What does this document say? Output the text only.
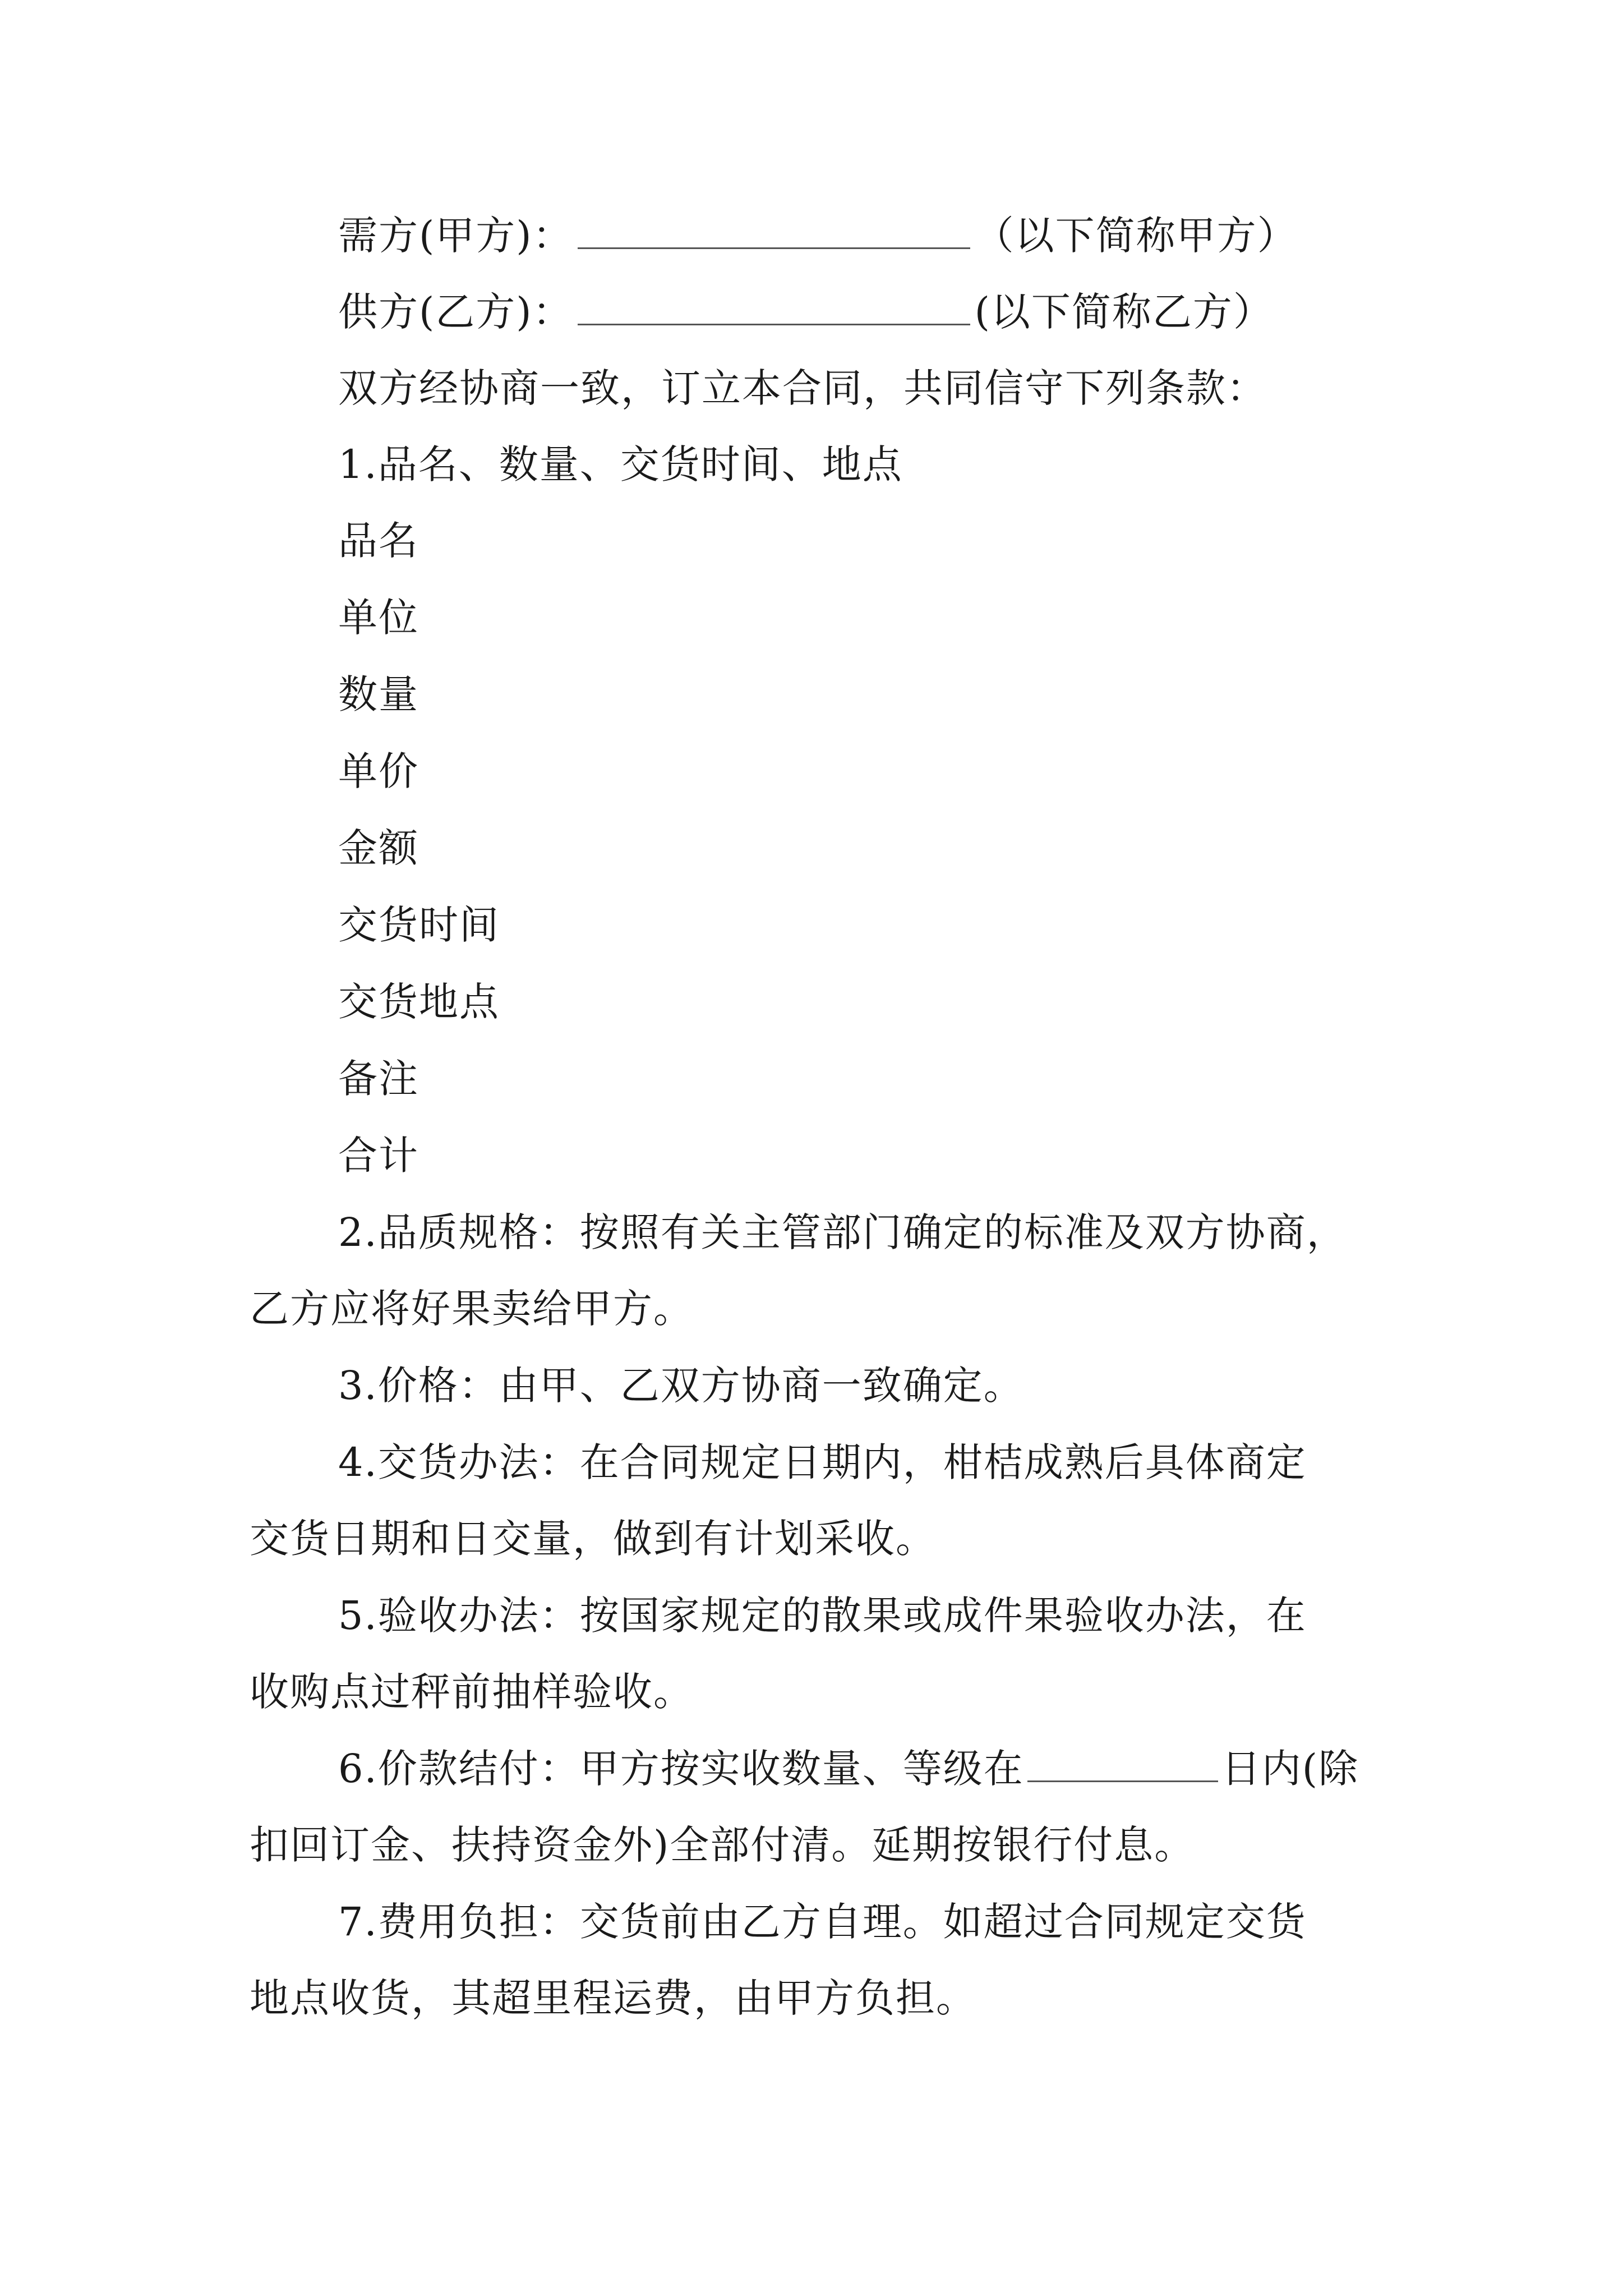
需方(甲方)：	（以下简称甲方）
供方(乙方)：	(以下简称乙方）
双方经协商一致，订立本合同，共同信守下列条款：
1.品名、数量、交货时间、地点
品名
单位
数量
单价
金额
交货时间
交货地点
备注
合计
2.品质规格：按照有关主管部门确定的标准及双方协商，
乙方应将好果卖给甲方。
3.价格：由甲、乙双方协商一致确定。
4.交货办法：在合同规定日期内，柑桔成熟后具体商定
交货日期和日交量，做到有计划采收。
5.验收办法：按国家规定的散果或成件果验收办法，在
收购点过秤前抽样验收。
6.价款结付：甲方按实收数量、等级在	日内(除
扣回订金、扶持资金外)全部付清。延期按银行付息。
7.费用负担：交货前由乙方自理。如超过合同规定交货
地点收货，其超里程运费，由甲方负担。
